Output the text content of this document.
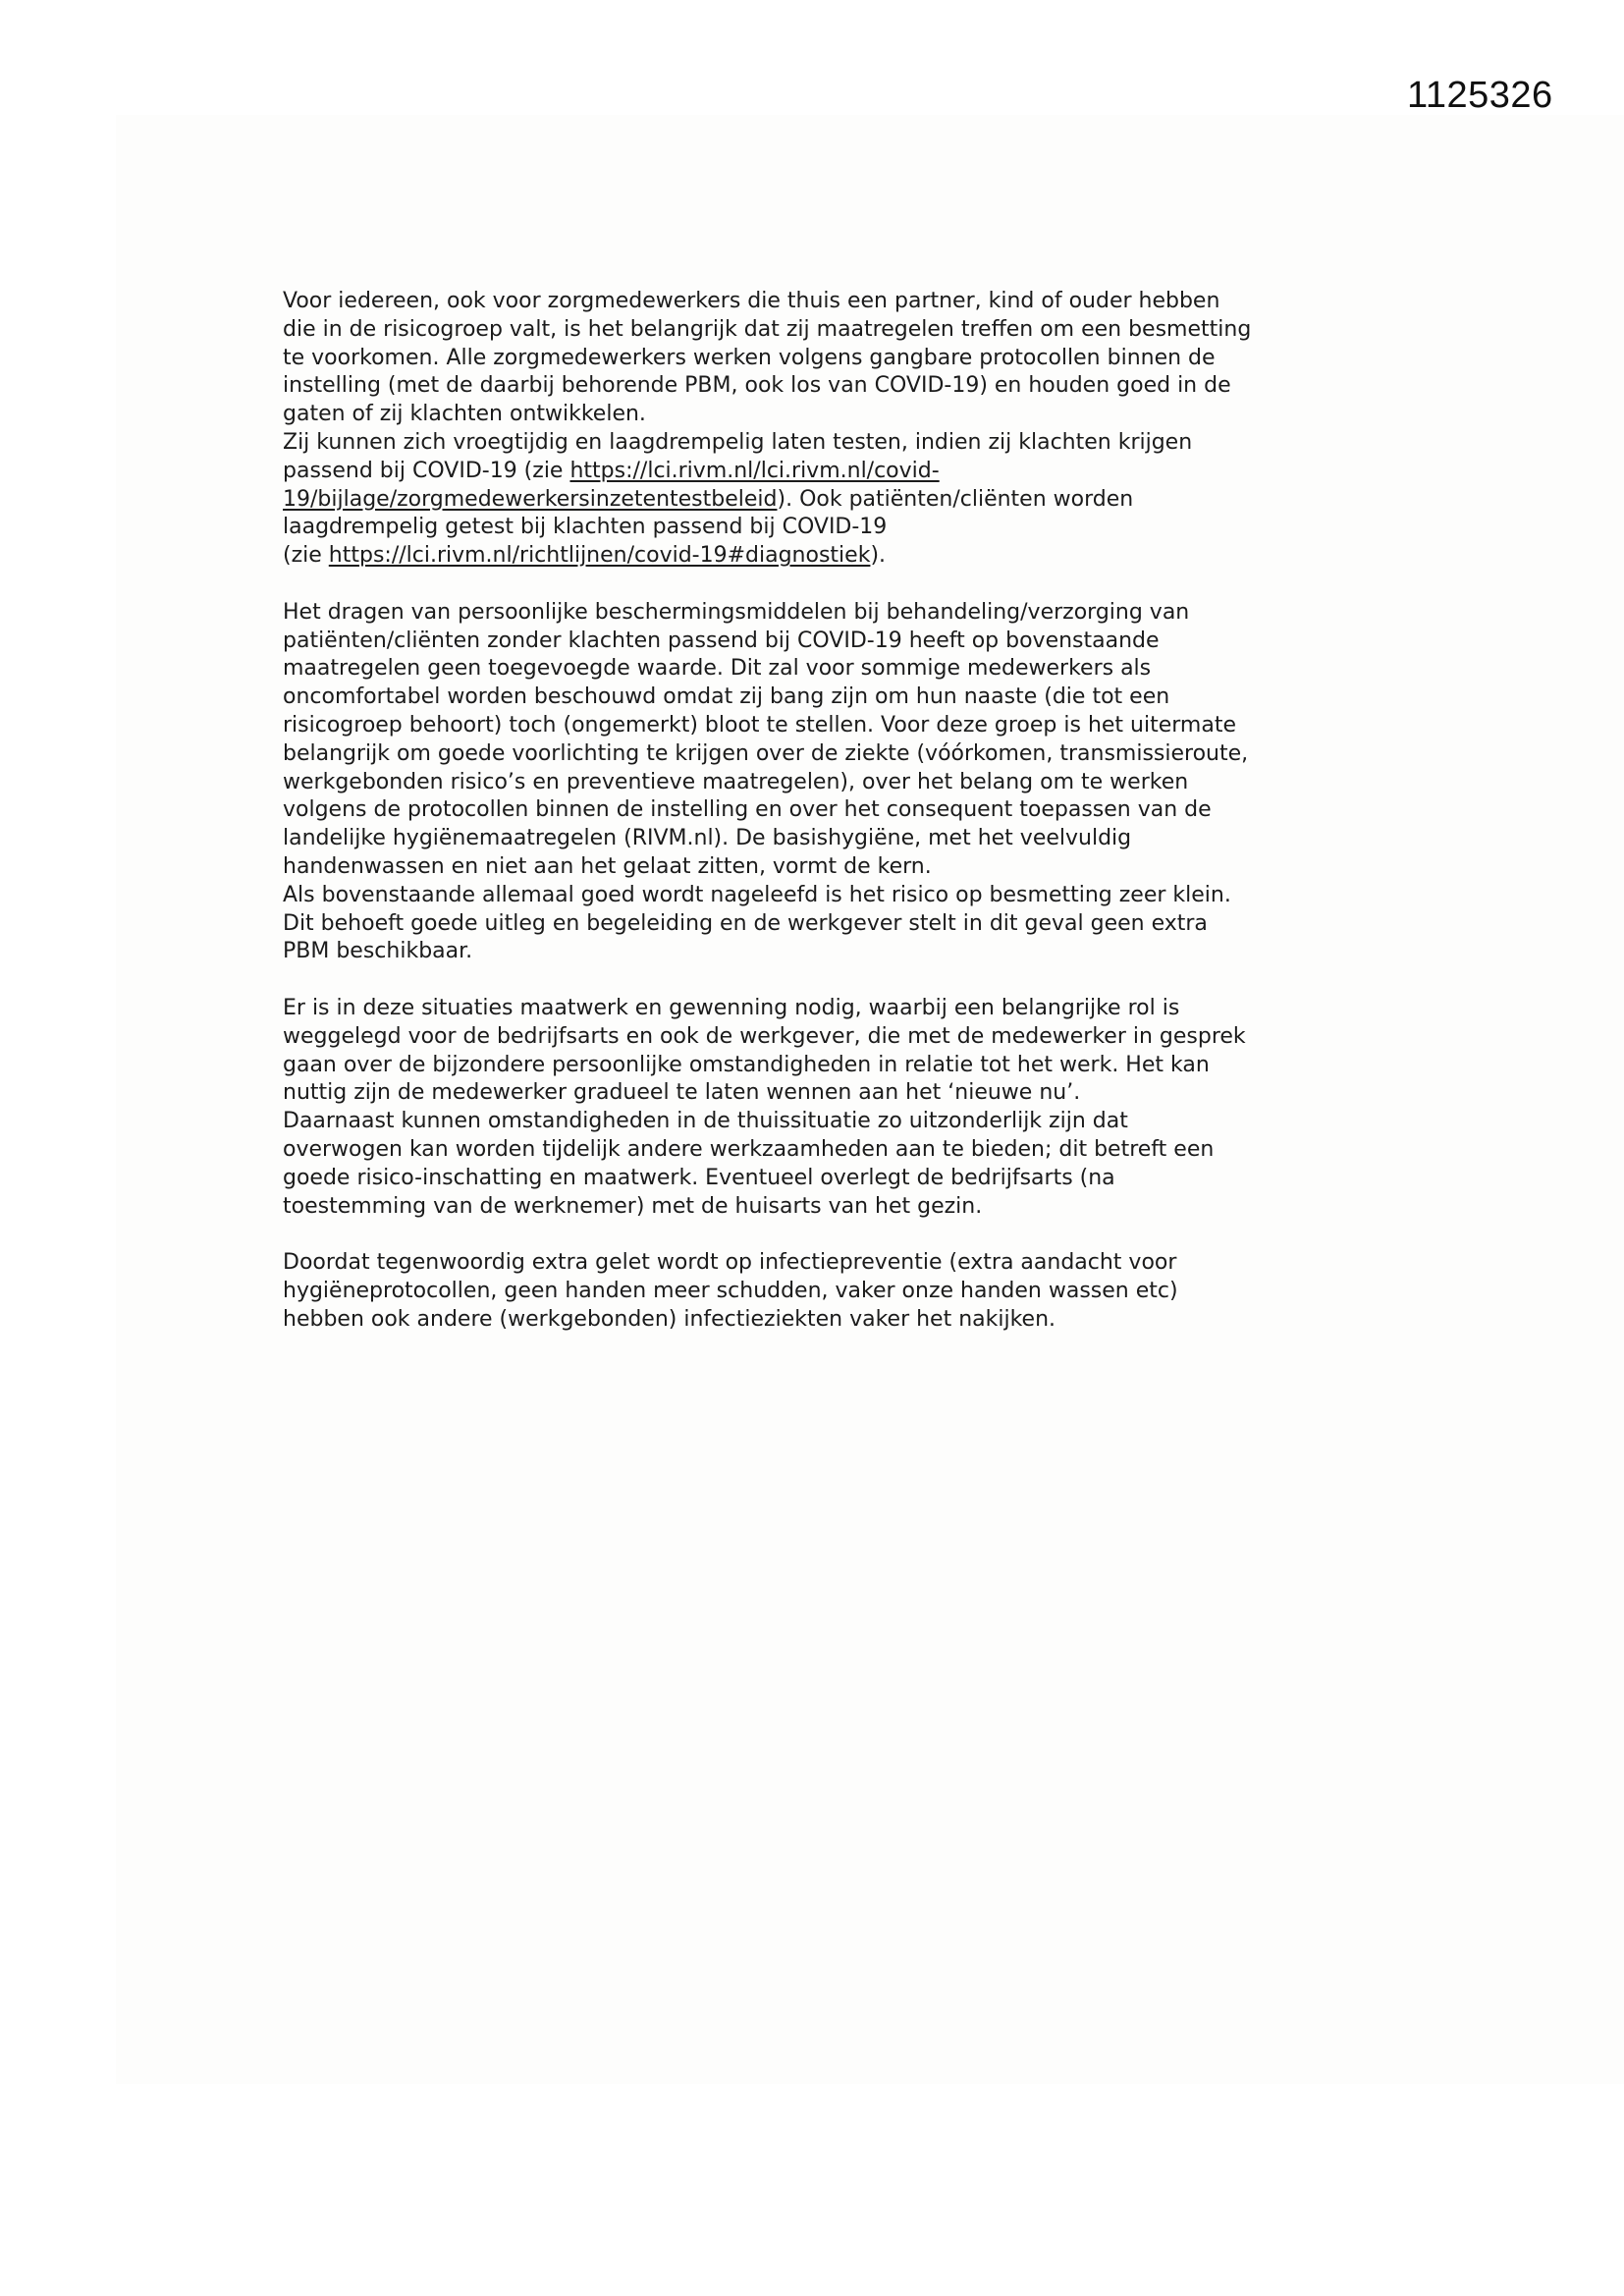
1125326
Voor iedereen, ook voor zorgmedewerkers die thuis een partner, kind of ouder hebben
die in de risicogroep valt, is het belangrijk dat zij maatregelen treffen om een besmetting
te voorkomen. Alle zorgmedewerkers werken volgens gangbare protocollen binnen de
instelling (met de daarbij behorende PBM, ook los van COVID-19) en houden goed in de
gaten of zij klachten ontwikkelen.
Zij kunnen zich vroegtijdig en laagdrempelig laten testen, indien zij klachten krijgen
passend bij COVID-19 (zie https://lci.rivm.nl/lci.rivm.nl/covid-
19/bijlage/zorgmedewerkersinzetentestbeleid). Ook patiënten/cliënten worden
laagdrempelig getest bij klachten passend bij COVID-19
(zie https://lci.rivm.nl/richtlijnen/covid-19#diagnostiek).
Het dragen van persoonlijke beschermingsmiddelen bij behandeling/verzorging van
patiënten/cliënten zonder klachten passend bij COVID-19 heeft op bovenstaande
maatregelen geen toegevoegde waarde. Dit zal voor sommige medewerkers als
oncomfortabel worden beschouwd omdat zij bang zijn om hun naaste (die tot een
risicogroep behoort) toch (ongemerkt) bloot te stellen. Voor deze groep is het uitermate
belangrijk om goede voorlichting te krijgen over de ziekte (vóórkomen, transmissieroute,
werkgebonden risico’s en preventieve maatregelen), over het belang om te werken
volgens de protocollen binnen de instelling en over het consequent toepassen van de
landelijke hygiënemaatregelen (RIVM.nl). De basishygiëne, met het veelvuldig
handenwassen en niet aan het gelaat zitten, vormt de kern.
Als bovenstaande allemaal goed wordt nageleefd is het risico op besmetting zeer klein.
Dit behoeft goede uitleg en begeleiding en de werkgever stelt in dit geval geen extra
PBM beschikbaar.
Er is in deze situaties maatwerk en gewenning nodig, waarbij een belangrijke rol is
weggelegd voor de bedrijfsarts en ook de werkgever, die met de medewerker in gesprek
gaan over de bijzondere persoonlijke omstandigheden in relatie tot het werk. Het kan
nuttig zijn de medewerker gradueel te laten wennen aan het ‘nieuwe nu’.
Daarnaast kunnen omstandigheden in de thuissituatie zo uitzonderlijk zijn dat
overwogen kan worden tijdelijk andere werkzaamheden aan te bieden; dit betreft een
goede risico-inschatting en maatwerk. Eventueel overlegt de bedrijfsarts (na
toestemming van de werknemer) met de huisarts van het gezin.
Doordat tegenwoordig extra gelet wordt op infectiepreventie (extra aandacht voor
hygiëneprotocollen, geen handen meer schudden, vaker onze handen wassen etc)
hebben ook andere (werkgebonden) infectieziekten vaker het nakijken.
